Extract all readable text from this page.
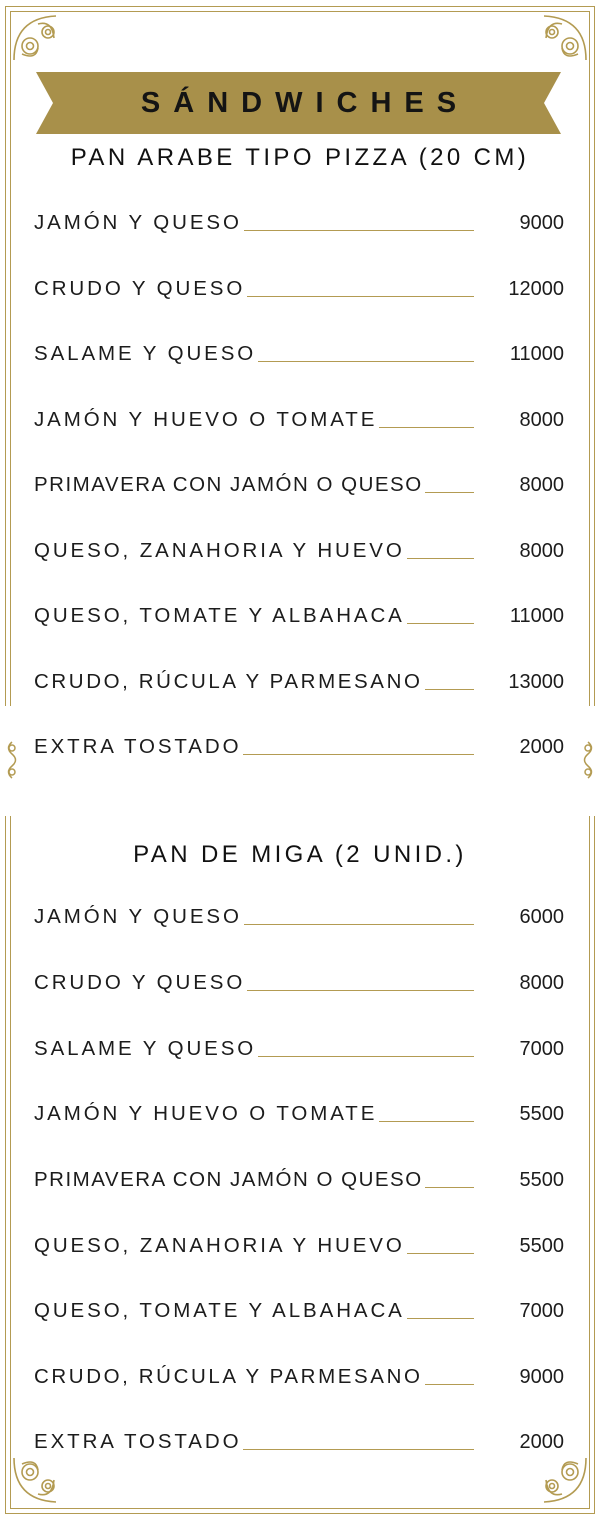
SÁNDWICHES
PAN ARABE TIPO PIZZA (20 CM)
JAMÓN Y QUESO	9000
CRUDO Y QUESO	12000
SALAME Y QUESO	11000
JAMÓN Y HUEVO O TOMATE	8000
PRIMAVERA CON JAMÓN O QUESO	8000
QUESO, ZANAHORIA Y HUEVO	8000
QUESO, TOMATE Y ALBAHACA	11000
CRUDO, RÚCULA Y PARMESANO	13000
EXTRA TOSTADO	2000
PAN DE MIGA (2 UNID.)
JAMÓN Y QUESO	6000
CRUDO Y QUESO	8000
SALAME Y QUESO	7000
JAMÓN Y HUEVO O TOMATE	5500
PRIMAVERA CON JAMÓN O QUESO	5500
QUESO, ZANAHORIA Y HUEVO	5500
QUESO, TOMATE Y ALBAHACA	7000
CRUDO, RÚCULA Y PARMESANO	9000
EXTRA TOSTADO	2000
